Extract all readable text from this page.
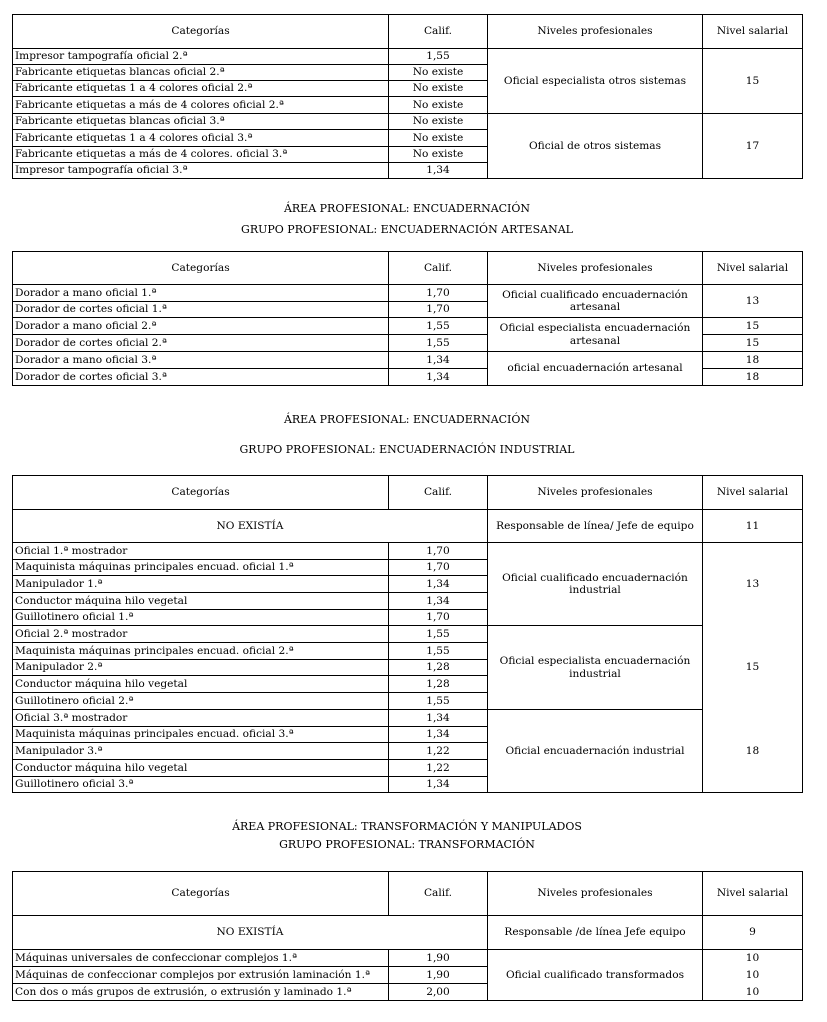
Categorías	Calif.	Niveles profesionales	Nivel salarial
Impresor tampografía oficial 2.ª	1,55	Oficial especialista otros sistemas	15
Fabricante etiquetas blancas oficial 2.ª	No existe		
Fabricante etiquetas 1 a 4 colores oficial 2.ª	No existe		
Fabricante etiquetas a más de 4 colores oficial 2.ª	No existe		
Fabricante etiquetas blancas oficial 3.ª	No existe	Oficial de otros sistemas	17
Fabricante etiquetas 1 a 4 colores oficial 3.ª	No existe		
Fabricante etiquetas a más de 4 colores. oficial 3.ª	No existe		
Impresor tampografía oficial 3.ª	1,34		
ÁREA PROFESIONAL: ENCUADERNACIÓN
GRUPO PROFESIONAL: ENCUADERNACIÓN ARTESANAL
Categorías	Calif.	Niveles profesionales	Nivel salarial
Dorador a mano oficial 1.ª	1,70	Oficial cualificado encuadernación artesanal	13
Dorador de cortes oficial 1.ª	1,70		
Dorador a mano oficial 2.ª	1,55	Oficial especialista encuadernación artesanal	15
Dorador de cortes oficial 2.ª	1,55		15
Dorador a mano oficial 3.ª	1,34	oficial encuadernación artesanal	18
Dorador de cortes oficial 3.ª	1,34		18
ÁREA PROFESIONAL: ENCUADERNACIÓN
GRUPO PROFESIONAL: ENCUADERNACIÓN INDUSTRIAL
Categorías	Calif.	Niveles profesionales	Nivel salarial
NO EXISTÍA		Responsable de línea/ Jefe de equipo	11
Oficial 1.ª mostrador	1,70	Oficial cualificado encuadernación industrial	13
Maquinista máquinas principales encuad. oficial 1.ª	1,70		
Manipulador 1.ª	1,34		
Conductor máquina hilo vegetal	1,34		
Guillotinero oficial 1.ª	1,70		
Oficial 2.ª mostrador	1,55	Oficial especialista encuadernación industrial	15
Maquinista máquinas principales encuad. oficial 2.ª	1,55		
Manipulador 2.ª	1,28		
Conductor máquina hilo vegetal	1,28		
Guillotinero oficial 2.ª	1,55		
Oficial 3.ª mostrador	1,34	Oficial encuadernación industrial	18
Maquinista máquinas principales encuad. oficial 3.ª	1,34		
Manipulador 3.ª	1,22		
Conductor máquina hilo vegetal	1,22		
Guillotinero oficial 3.ª	1,34		
ÁREA PROFESIONAL: TRANSFORMACIÓN Y MANIPULADOS
GRUPO PROFESIONAL: TRANSFORMACIÓN
Categorías	Calif.	Niveles profesionales	Nivel salarial
NO EXISTÍA		Responsable /de línea Jefe equipo	9
Máquinas universales de confeccionar complejos 1.ª	1,90	Oficial cualificado transformados	10
Máquinas de confeccionar complejos por extrusión laminación 1.ª	1,90		10
Con dos o más grupos de extrusión, o extrusión y laminado 1.ª	2,00		10
